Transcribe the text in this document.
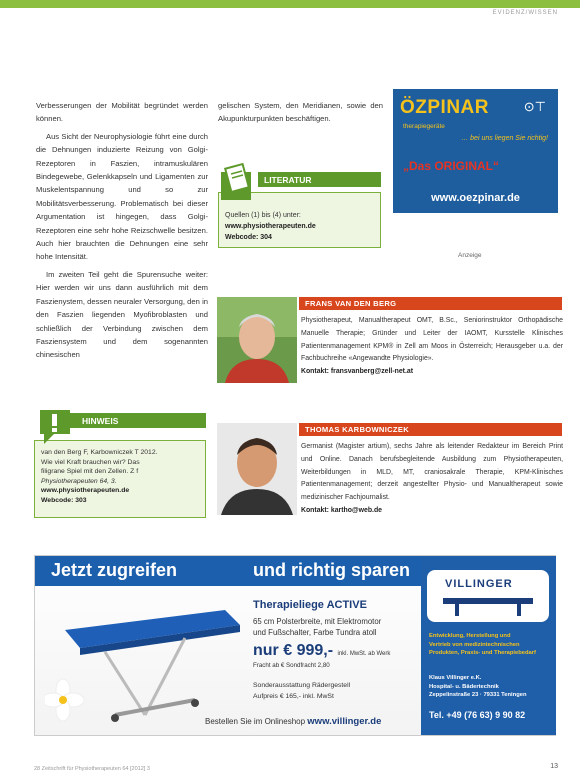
EVIDENZ/WISSEN

Verbesserungen der Mobilität begründet werden können.

Aus Sicht der Neurophysiologie führt eine durch die Dehnungen induzierte Reizung von Golgi-Rezeptoren in Faszien, intramuskulären Bindegewebe, Gelenkkapseln und Ligamenten zur Muskelentspannung und so zur Mobilitätsverbesserung. Problematisch bei dieser Argumentation ist hingegen, dass Golgi-Rezeptoren eine sehr hohe Reizschwelle besitzen. Auch hier brauchten die Dehnungen eine sehr hohe Intensität.

Im zweiten Teil geht die Spurensuche weiter: Hier werden wir uns dann ausführlich mit dem Faszienystem, dessen neuraler Versorgung, den in den Faszien liegenden Myofibroblasten und schließlich der Verbindung zwischen dem Fasziensystem und dem sogenannten chinesischen

gelischen System, den Meridianen, sowie den Akupunkturpunkten beschäftigen.

ÖZPINAR	⊙⊤
therapiegeräte
… bei uns liegen Sie richtig!
„Das ORIGINAL“
www.oezpinar.de
Quellen (1) bis (4) unter:
www.physiotherapeuten.de
Webcode: 304
LITERATUR
Anzeige
FRANS VAN DEN BERG
Physiotherapeut, Manualtherapeut OMT, B.Sc., Seniorinstruktor Orthopädische Manuelle Therapie; Gründer und Leiter der IAOMT, Kursstelle Klinisches Patientenmanagement KPM® in Zell am Moos in Österreich; Herausgeber u.a. der Fachbuchreihe «Angewandte Physiologie».
Kontakt: fransvanberg@zell-net.at
THOMAS KARBOWNICZEK
Germanist (Magister artium), sechs Jahre als leitender Redakteur im Bereich Print und Online. Danach berufsbegleitende Ausbildung zum Physiotherapeuten, Weiterbildungen in MLD, MT, craniosakrale Therapie, KPM-Klinisches Patientenmanagement; derzeit angestellter Physio- und Manualtherapeut sowie medizinischer Fachjournalist.
Kontakt: kartho@web.de
van den Berg F, Karbowniczek T 2012.
Wie viel Kraft brauchen wir? Das
filigrane Spiel mit den Zellen. Z f
Physiotherapeuten 64, 3.
www.physiotherapeuten.de
Webcode: 303
HINWEIS
Jetzt zugreifen	und richtig sparen
Therapieliege ACTIVE
65 cm Polsterbreite, mit Elektromotor
und Fußschalter, Farbe Tundra atoll
nur € 999,- inkl. MwSt. ab Werk
Fracht ab € Sondfracht 2,80
Sonderausstattung Rädergestell
Aufpreis € 165,- inkl. MwSt
Bestellen Sie im Onlineshop www.villinger.de
VILLINGER
Entwicklung, Herstellung und
Vertrieb von medizintechnischen
Produkten, Praxis- und Therapiebedarf
Klaus Villinger e.K.
Hospital- u. Bädertechnik
Zeppelinstraße 23 · 79331 Teningen
Tel. +49 (76 63) 9 90 82
28 Zeitschrift für Physiotherapeuten 64 [2012] 3	13
